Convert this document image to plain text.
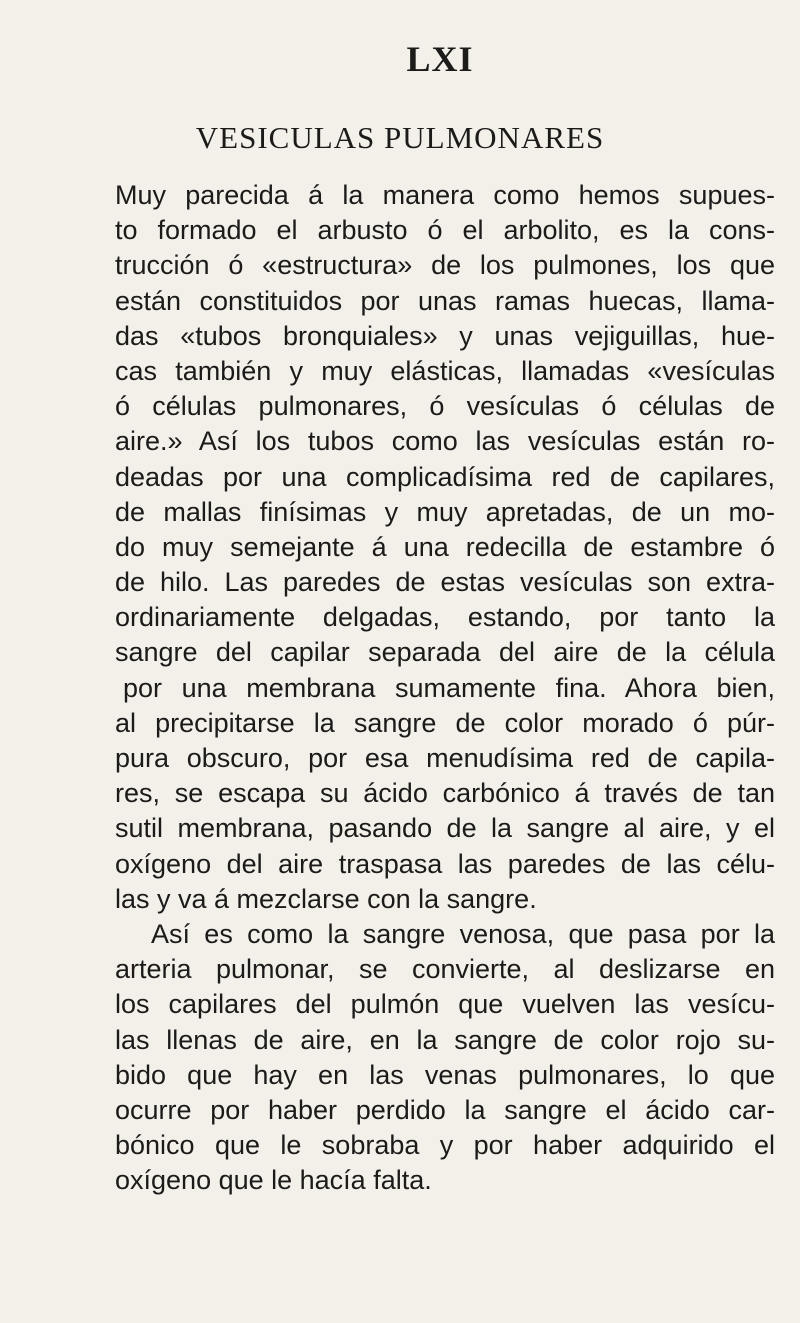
LXI
VESICULAS PULMONARES

Muy parecida á la manera como hemos supues-
to formado el arbusto ó el arbolito, es la cons-
trucción ó «estructura» de los pulmones, los que
están constituidos por unas ramas huecas, llama-
das «tubos bronquiales» y unas vejiguillas, hue-
cas también y muy elásticas, llamadas «vesículas
ó células pulmonares, ó vesículas ó células de
aire.» Así los tubos como las vesículas están ro-
deadas por una complicadísima red de capilares,
de mallas finísimas y muy apretadas, de un mo-
do muy semejante á una redecilla de estambre ó
de hilo. Las paredes de estas vesículas son extra-
ordinariamente delgadas, estando, por tanto la
sangre del capilar separada del aire de la célula
por una membrana sumamente fina. Ahora bien,
al precipitarse la sangre de color morado ó púr-
pura obscuro, por esa menudísima red de capila-
res, se escapa su ácido carbónico á través de tan
sutil membrana, pasando de la sangre al aire, y el
oxígeno del aire traspasa las paredes de las célu-
las y va á mezclarse con la sangre.

Así es como la sangre venosa, que pasa por la
arteria pulmonar, se convierte, al deslizarse en
los capilares del pulmón que vuelven las vesícu-
las llenas de aire, en la sangre de color rojo su-
bido que hay en las venas pulmonares, lo que
ocurre por haber perdido la sangre el ácido car-
bónico que le sobraba y por haber adquirido el
oxígeno que le hacía falta.
